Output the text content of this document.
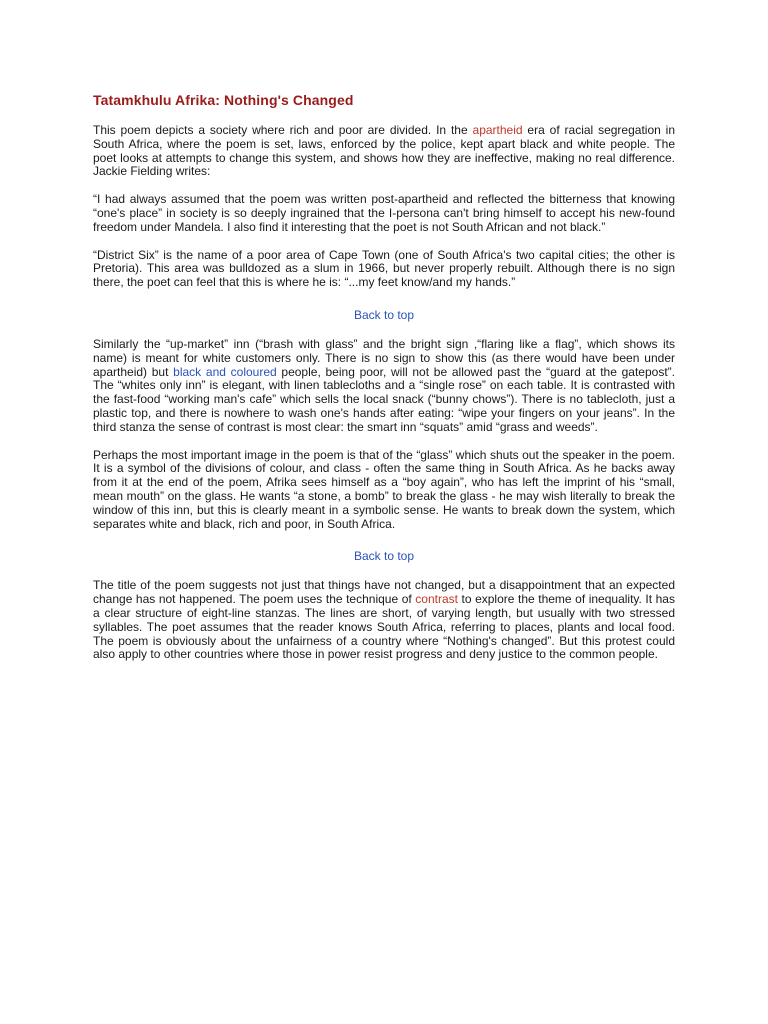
Tatamkhulu Afrika: Nothing's Changed

This poem depicts a society where rich and poor are divided. In the apartheid era of racial segregation in South Africa, where the poem is set, laws, enforced by the police, kept apart black and white people. The poet looks at attempts to change this system, and shows how they are ineffective, making no real difference. Jackie Fielding writes:

“I had always assumed that the poem was written post-apartheid and reflected the bitterness that knowing “one's place” in society is so deeply ingrained that the I-persona can't bring himself to accept his new-found freedom under Mandela. I also find it interesting that the poet is not South African and not black.”

“District Six” is the name of a poor area of Cape Town (one of South Africa's two capital cities; the other is Pretoria). This area was bulldozed as a slum in 1966, but never properly rebuilt. Although there is no sign there, the poet can feel that this is where he is: “...my feet know/and my hands.”

Back to top

Similarly the “up-market” inn (“brash with glass” and the bright sign ,“flaring like a flag”, which shows its name) is meant for white customers only. There is no sign to show this (as there would have been under apartheid) but black and coloured people, being poor, will not be allowed past the “guard at the gatepost”. The “whites only inn” is elegant, with linen tablecloths and a “single rose” on each table. It is contrasted with the fast-food “working man's cafe” which sells the local snack (“bunny chows”). There is no tablecloth, just a plastic top, and there is nowhere to wash one's hands after eating: “wipe your fingers on your jeans”. In the third stanza the sense of contrast is most clear: the smart inn “squats” amid “grass and weeds”.

Perhaps the most important image in the poem is that of the “glass” which shuts out the speaker in the poem. It is a symbol of the divisions of colour, and class - often the same thing in South Africa. As he backs away from it at the end of the poem, Afrika sees himself as a “boy again”, who has left the imprint of his “small, mean mouth” on the glass. He wants “a stone, a bomb” to break the glass - he may wish literally to break the window of this inn, but this is clearly meant in a symbolic sense. He wants to break down the system, which separates white and black, rich and poor, in South Africa.

Back to top

The title of the poem suggests not just that things have not changed, but a disappointment that an expected change has not happened. The poem uses the technique of contrast to explore the theme of inequality. It has a clear structure of eight-line stanzas. The lines are short, of varying length, but usually with two stressed syllables. The poet assumes that the reader knows South Africa, referring to places, plants and local food. The poem is obviously about the unfairness of a country where “Nothing's changed”. But this protest could also apply to other countries where those in power resist progress and deny justice to the common people.
